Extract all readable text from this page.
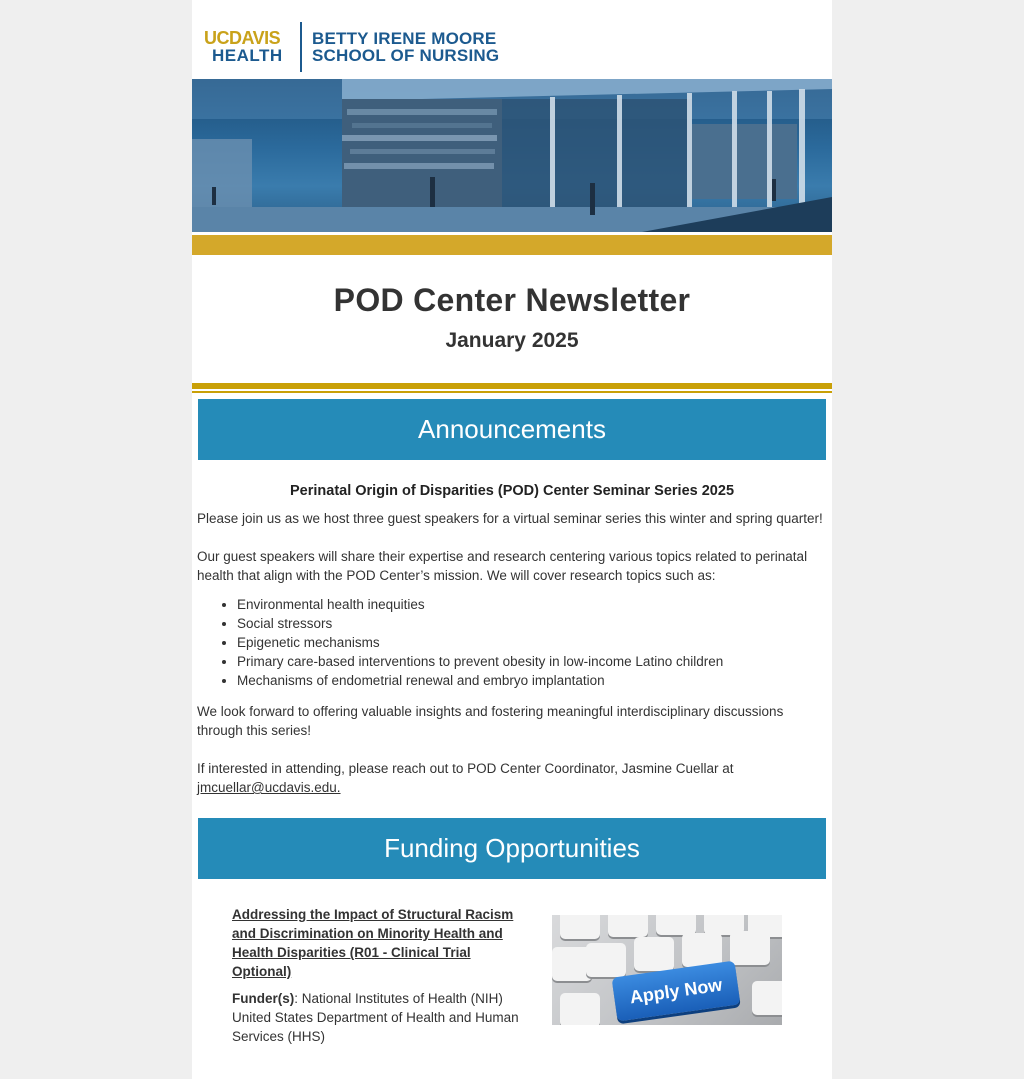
UCDAVIS
HEALTH
BETTY IRENE MOORE
SCHOOL OF NURSING
POD Center Newsletter
January 2025
Announcements
Perinatal Origin of Disparities (POD) Center Seminar Series 2025

Please join us as we host three guest speakers for a virtual seminar series this winter and spring quarter!

Our guest speakers will share their expertise and research centering various topics related to perinatal health that align with the POD Center’s mission. We will cover research topics such as:

• Environmental health inequities
• Social stressors
• Epigenetic mechanisms
• Primary care-based interventions to prevent obesity in low-income Latino children
• Mechanisms of endometrial renewal and embryo implantation

We look forward to offering valuable insights and fostering meaningful interdisciplinary discussions through this series!

If interested in attending, please reach out to POD Center Coordinator, Jasmine Cuellar at
jmcuellar@ucdavis.edu.

Funding Opportunities
Addressing the Impact of Structural Racism and Discrimination on Minority Health and Health Disparities (R01 - Clinical Trial Optional)

Funder(s): National Institutes of Health (NIH) United States Department of Health and Human Services (HHS)

Apply Now
